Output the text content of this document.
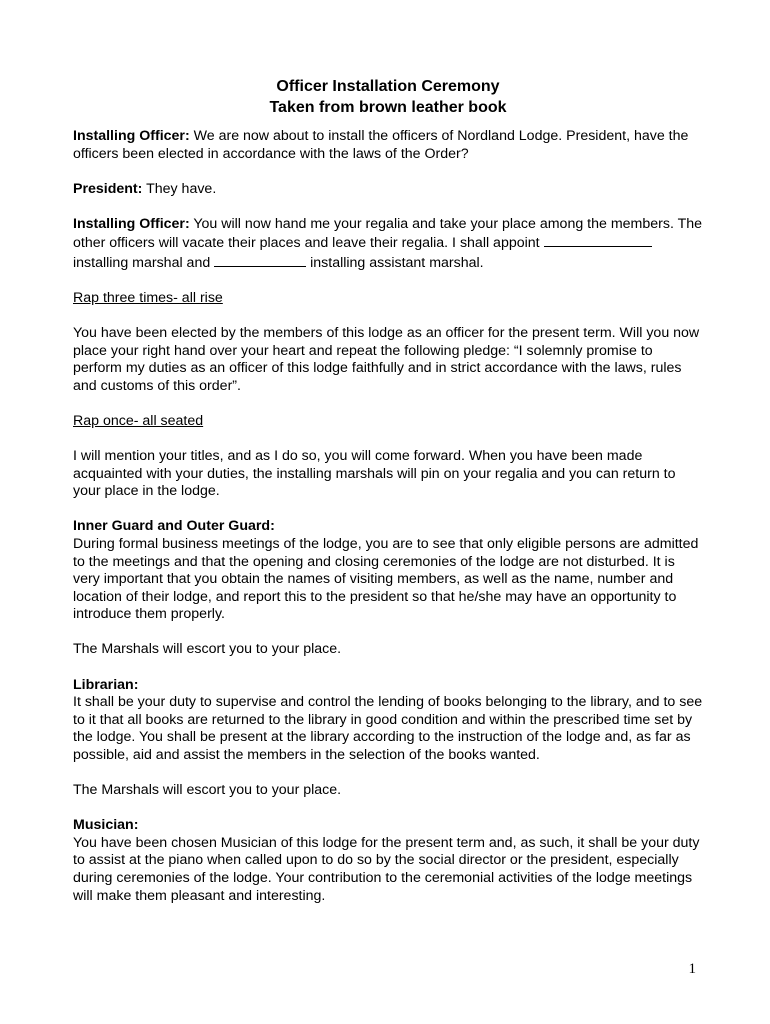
Officer Installation Ceremony
Taken from brown leather book

Installing Officer: We are now about to install the officers of Nordland Lodge. President, have the officers been elected in accordance with the laws of the Order?

President: They have.

Installing Officer: You will now hand me your regalia and take your place among the members. The other officers will vacate their places and leave their regalia. I shall appoint  installing marshal and	installing assistant marshal.

Rap three times- all rise

You have been elected by the members of this lodge as an officer for the present term. Will you now place your right hand over your heart and repeat the following pledge: “I solemnly promise to perform my duties as an officer of this lodge faithfully and in strict accordance with the laws, rules and customs of this order”.

Rap once- all seated

I will mention your titles, and as I do so, you will come forward. When you have been made acquainted with your duties, the installing marshals will pin on your regalia and you can return to your place in the lodge.

Inner Guard and Outer Guard:
During formal business meetings of the lodge, you are to see that only eligible persons are admitted to the meetings and that the opening and closing ceremonies of the lodge are not disturbed. It is very important that you obtain the names of visiting members, as well as the name, number and location of their lodge, and report this to the president so that he/she may have an opportunity to introduce them properly.

The Marshals will escort you to your place.

Librarian:
It shall be your duty to supervise and control the lending of books belonging to the library, and to see to it that all books are returned to the library in good condition and within the prescribed time set by the lodge. You shall be present at the library according to the instruction of the lodge and, as far as possible, aid and assist the members in the selection of the books wanted.

The Marshals will escort you to your place.

Musician:
You have been chosen Musician of this lodge for the present term and, as such, it shall be your duty to assist at the piano when called upon to do so by the social director or the president, especially during ceremonies of the lodge. Your contribution to the ceremonial activities of the lodge meetings will make them pleasant and interesting.

1
